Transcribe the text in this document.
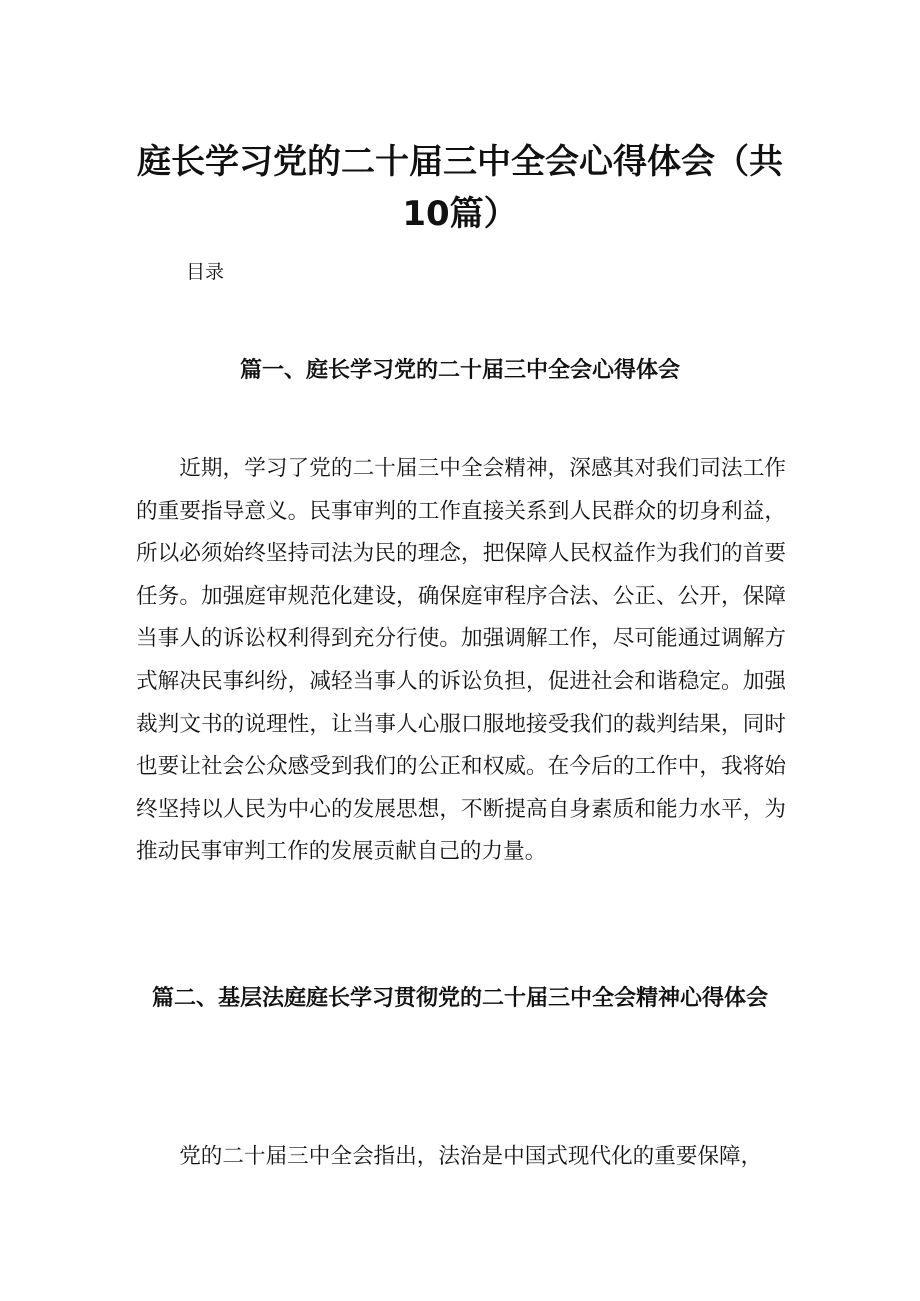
庭长学习党的二十届三中全会心得体会（共10篇）
目录
篇一、庭长学习党的二十届三中全会心得体会

近期，学习了党的二十届三中全会精神，深感其对我们司法工作的重要指导意义。民事审判的工作直接关系到人民群众的切身利益，所以必须始终坚持司法为民的理念，把保障人民权益作为我们的首要任务。加强庭审规范化建设，确保庭审程序合法、公正、公开，保障当事人的诉讼权利得到充分行使。加强调解工作，尽可能通过调解方式解决民事纠纷，减轻当事人的诉讼负担，促进社会和谐稳定。加强裁判文书的说理性，让当事人心服口服地接受我们的裁判结果，同时也要让社会公众感受到我们的公正和权威。在今后的工作中，我将始终坚持以人民为中心的发展思想，不断提高自身素质和能力水平，为推动民事审判工作的发展贡献自己的力量。

篇二、基层法庭庭长学习贯彻党的二十届三中全会精神心得体会

党的二十届三中全会指出，法治是中国式现代化的重要保障，
